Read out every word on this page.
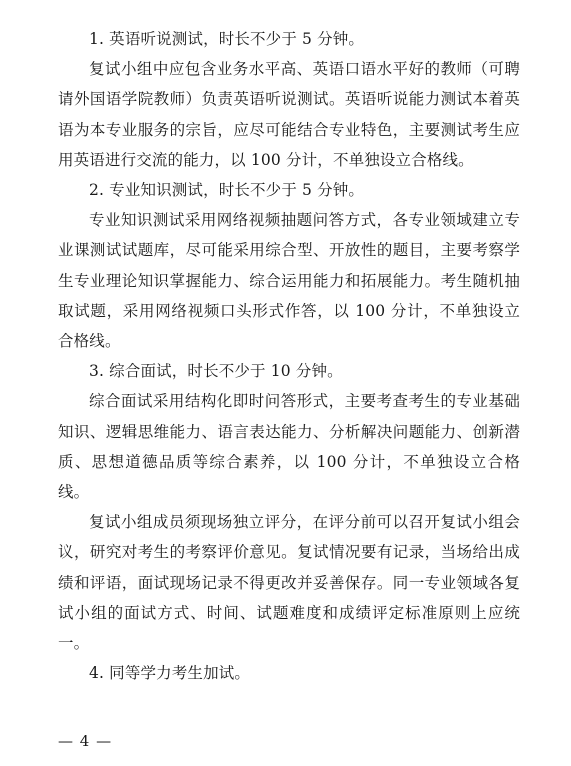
1. 英语听说测试，时长不少于 5 分钟。

复试小组中应包含业务水平高、英语口语水平好的教师（可聘请外国语学院教师）负责英语听说测试。英语听说能力测试本着英语为本专业服务的宗旨，应尽可能结合专业特色，主要测试考生应用英语进行交流的能力，以 100 分计，不单独设立合格线。

2. 专业知识测试，时长不少于 5 分钟。

专业知识测试采用网络视频抽题问答方式，各专业领域建立专业课测试试题库，尽可能采用综合型、开放性的题目，主要考察学生专业理论知识掌握能力、综合运用能力和拓展能力。考生随机抽取试题，采用网络视频口头形式作答，以 100 分计，不单独设立合格线。

3. 综合面试，时长不少于 10 分钟。

综合面试采用结构化即时问答形式，主要考查考生的专业基础知识、逻辑思维能力、语言表达能力、分析解决问题能力、创新潜质、思想道德品质等综合素养，以 100 分计，不单独设立合格线。

复试小组成员须现场独立评分，在评分前可以召开复试小组会议，研究对考生的考察评价意见。复试情况要有记录，当场给出成绩和评语，面试现场记录不得更改并妥善保存。同一专业领域各复试小组的面试方式、时间、试题难度和成绩评定标准原则上应统一。

4. 同等学力考生加试。

— 4 —
